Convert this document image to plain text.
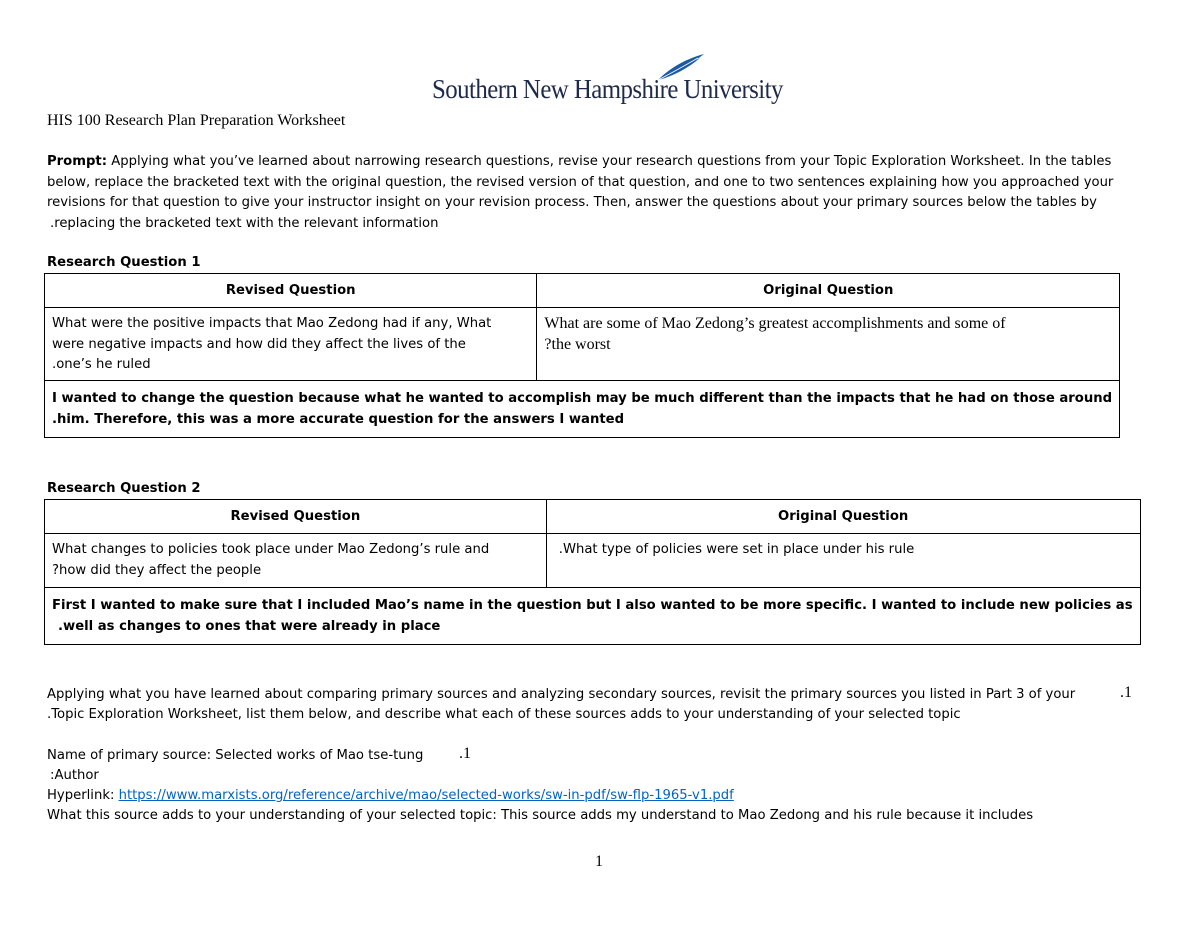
Southern New Hampshire University
HIS 100 Research Plan Preparation Worksheet
Prompt: Applying what you’ve learned about narrowing research questions, revise your research questions from your Topic Exploration Worksheet. In the tables
below, replace the bracketed text with the original question, the revised version of that question, and one to two sentences explaining how you approached your
revisions for that question to give your instructor insight on your revision process. Then, answer the questions about your primary sources below the tables by
.replacing the bracketed text with the relevant information
Research Question 1
Revised Question	Original Question

What were the positive impacts that Mao Zedong had if any, What
were negative impacts and how did they affect the lives of the
.one’s he ruled	What are some of Mao Zedong’s greatest accomplishments and some of
?the worst

I wanted to change the question because what he wanted to accomplish may be much different than the impacts that he had on those around
.him. Therefore, this was a more accurate question for the answers I wanted	
Research Question 2
Revised Question	Original Question

What changes to policies took place under Mao Zedong’s rule and
?how did they affect the people	.What type of policies were set in place under his rule

First I wanted to make sure that I included Mao’s name in the question but I also wanted to be more specific. I wanted to include new policies as
.well as changes to ones that were already in place	
Applying what you have learned about comparing primary sources and analyzing secondary sources, revisit the primary sources you listed in Part 3 of your	.1
.Topic Exploration Worksheet, list them below, and describe what each of these sources adds to your understanding of your selected topic
Name of primary source: Selected works of Mao tse-tung .1
:Author
Hyperlink: https://www.marxists.org/reference/archive/mao/selected-works/sw-in-pdf/sw-flp-1965-v1.pdf
What this source adds to your understanding of your selected topic: This source adds my understand to Mao Zedong and his rule because it includes
1
